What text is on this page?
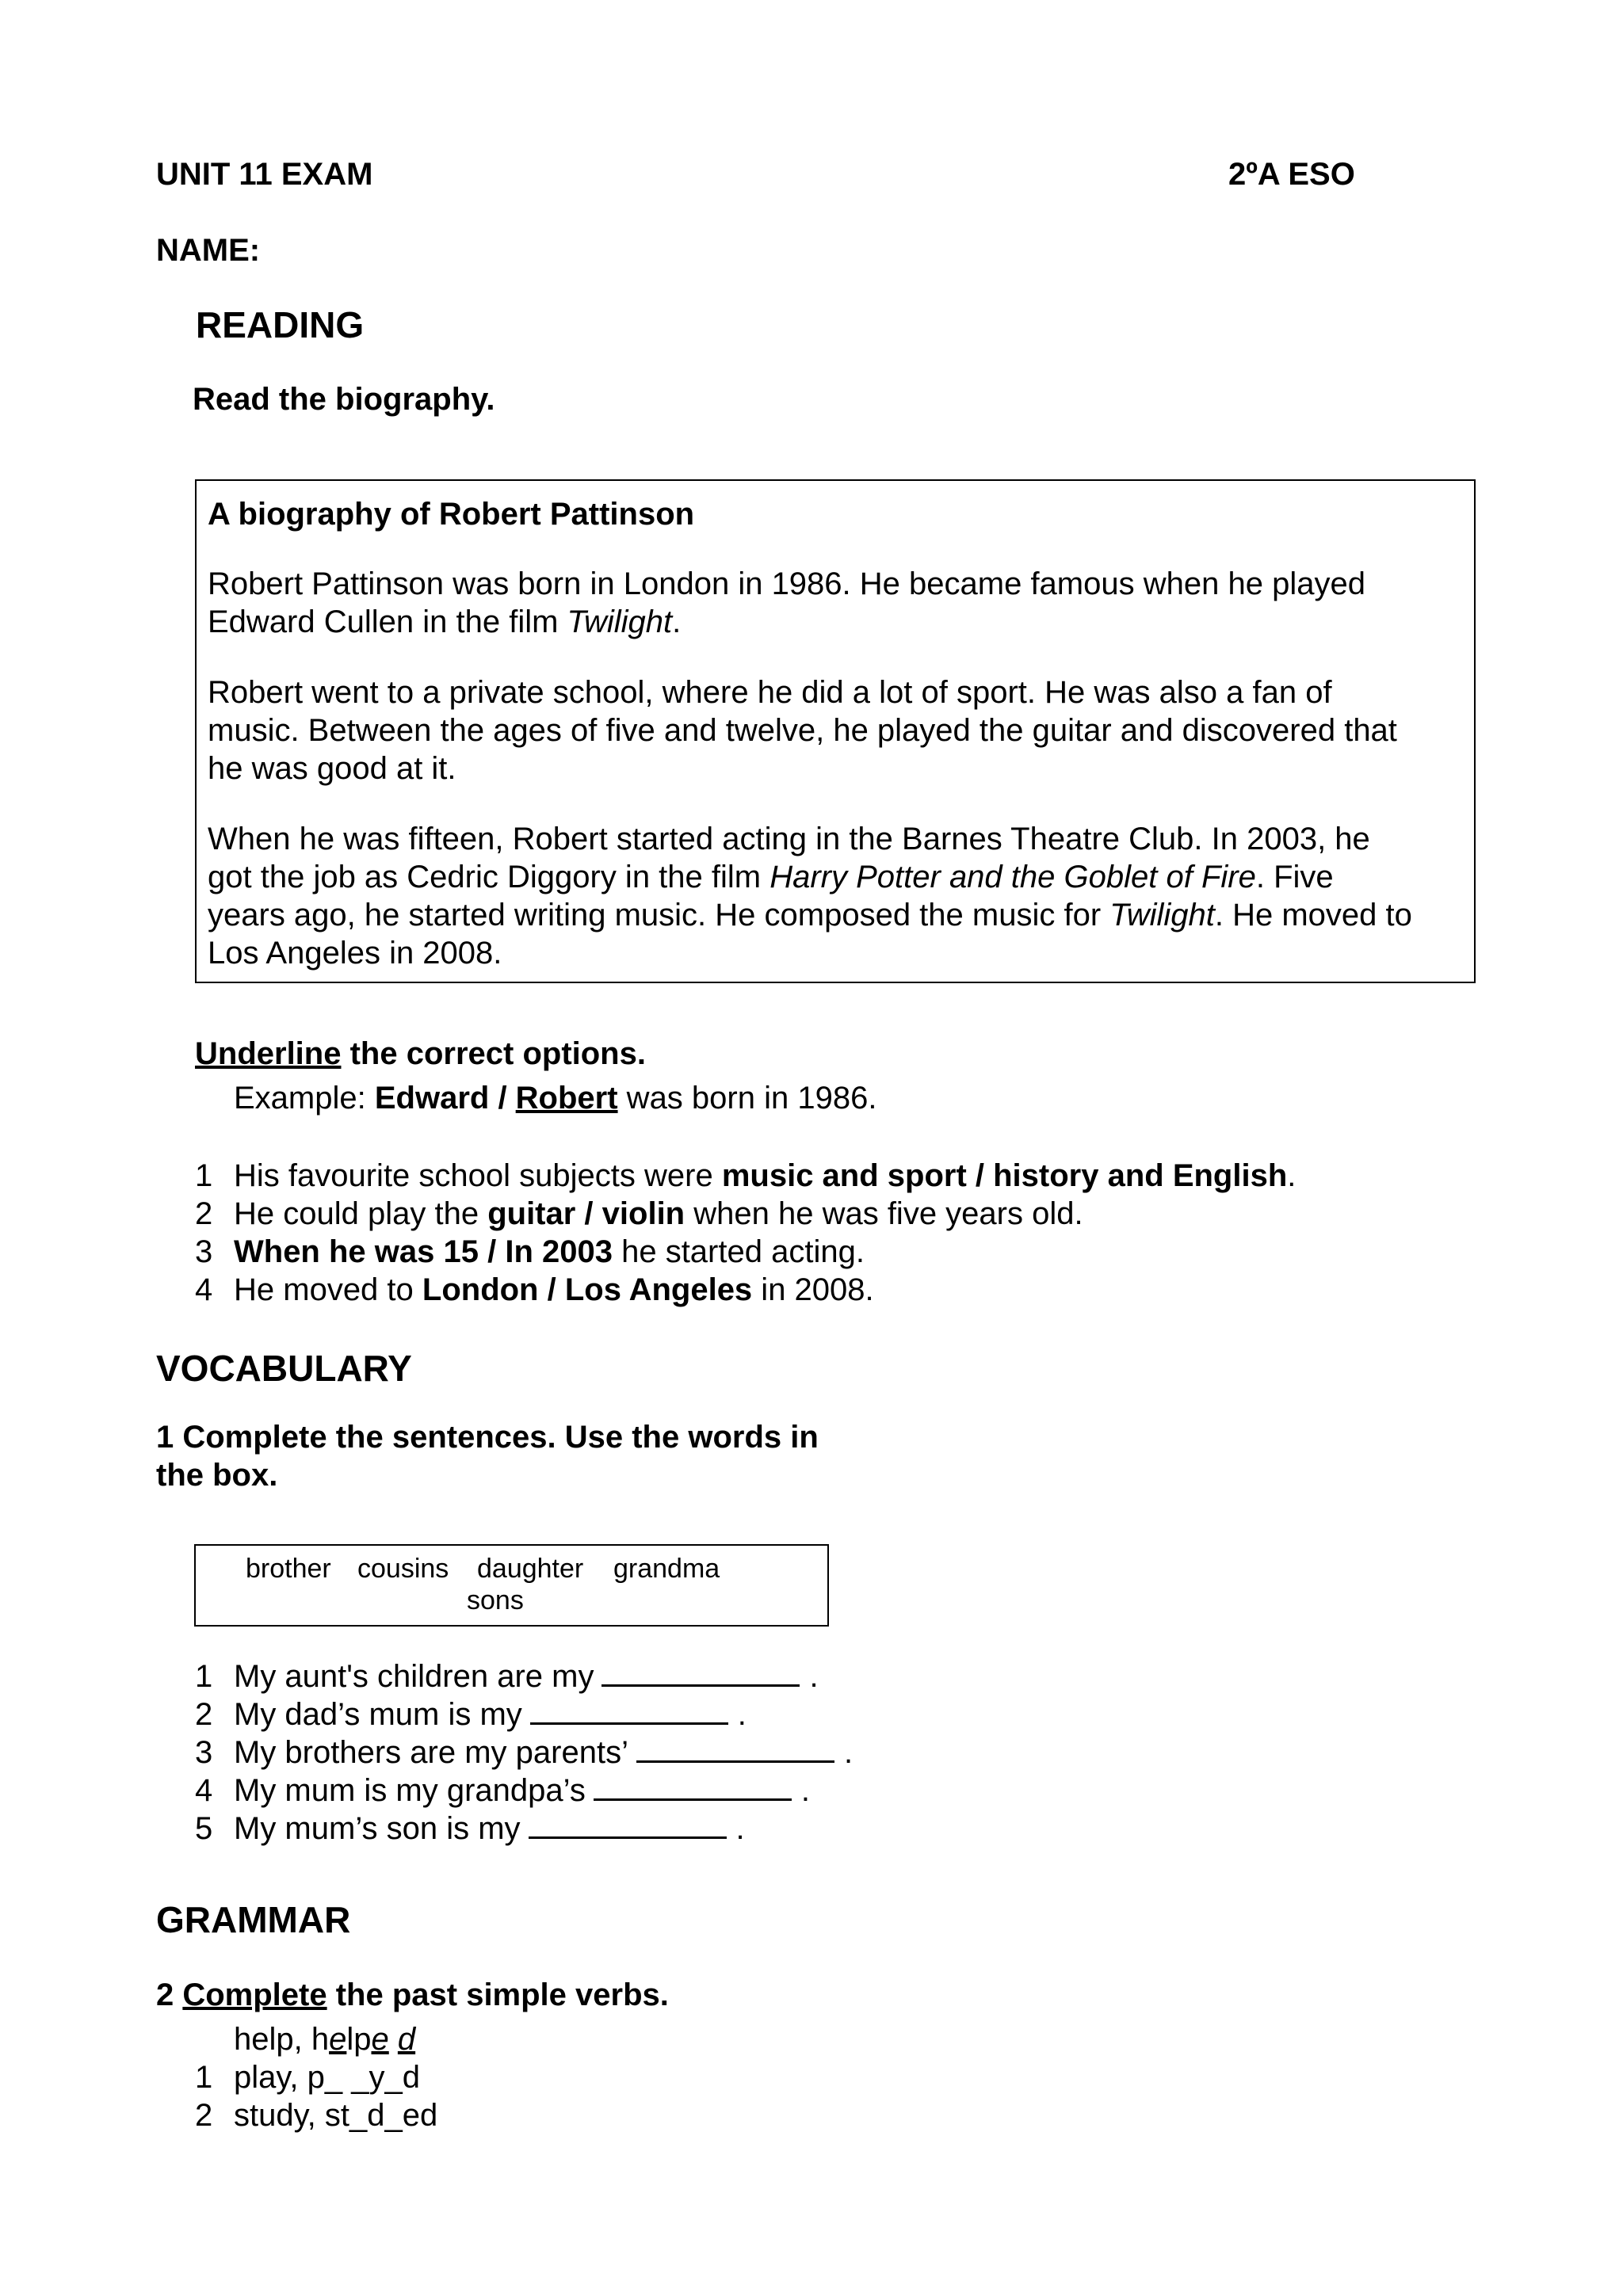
UNIT 11 EXAM	2ºA ESO
NAME:
READING
Read the biography.

A biography of Robert Pattinson

Robert Pattinson was born in London in 1986. He became famous when he played

Edward Cullen in the film Twilight.

Robert went to a private school, where he did a lot of sport. He was also a fan of

music. Between the ages of five and twelve, he played the guitar and discovered that

he was good at it.

When he was fifteen, Robert started acting in the Barnes Theatre Club. In 2003, he

got the job as Cedric Diggory in the film Harry Potter and the Goblet of Fire. Five

years ago, he started writing music. He composed the music for Twilight. He moved to

Los Angeles in 2008.

Underline the correct options.
Example: Edward / Robert was born in 1986.
1 His favourite school subjects were music and sport / history and English.
2 He could play the guitar / violin when he was five years old.
3 When he was 15 / In 2003 he started acting.
4 He moved to London / Los Angeles in 2008.
VOCABULARY
1 Complete the sentences. Use the words in
the box.
brother cousins daughter grandma
sons
1 My aunt's children are my	.
2 My dad’s mum is my	.
3 My brothers are my parents’	.
4 My mum is my grandpa’s	.
5 My mum’s son is my	.
GRAMMAR
2 Complete the past simple verbs.
help, helpe d
1 play, p_ _y_d
2 study, st_d_ed
